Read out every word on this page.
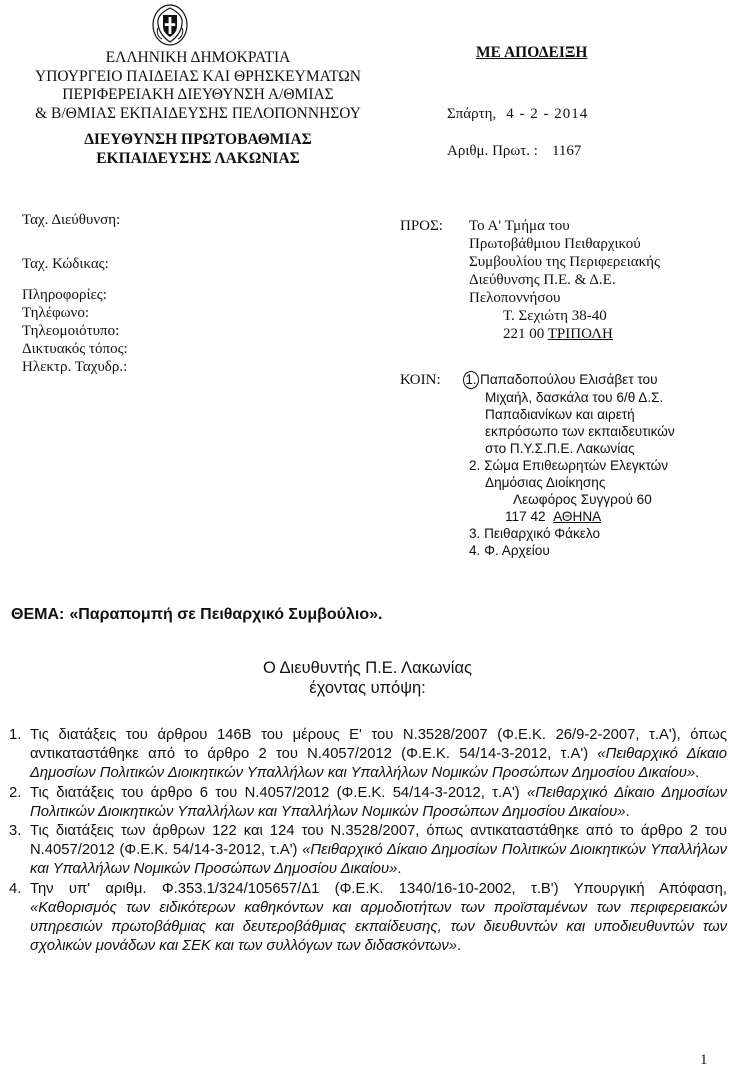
ΕΛΛΗΝΙΚΗ ΔΗΜΟΚΡΑΤΙΑ
ΥΠΟΥΡΓΕΙΟ ΠΑΙΔΕΙΑΣ ΚΑΙ ΘΡΗΣΚΕΥΜΑΤΩΝ
ΠΕΡΙΦΕΡΕΙΑΚΗ ΔΙΕΥΘΥΝΣΗ Α/ΘΜΙΑΣ
& Β/ΘΜΙΑΣ ΕΚΠΑΙΔΕΥΣΗΣ ΠΕΛΟΠΟΝΝΗΣΟΥ
ΔΙΕΥΘΥΝΣΗ ΠΡΩΤΟΒΑΘΜΙΑΣ
ΕΚΠΑΙΔΕΥΣΗΣ ΛΑΚΩΝΙΑΣ
ΜΕ ΑΠΟΔΕΙΞΗ
Σπάρτη, 4 - 2 - 2014
Αριθμ. Πρωτ. : 1167
Ταχ. Διεύθυνση:
Ταχ. Κώδικας:
Πληροφορίες:
Τηλέφωνο:
Τηλεομοιότυπο:
Δικτυακός τόπος:
Ηλεκτρ. Ταχυδρ.:
ΠΡΟΣ: Το Α' Τμήμα του
Πρωτοβάθμιου Πειθαρχικού
Συμβουλίου της Περιφερειακής
Διεύθυνσης Π.Ε. & Δ.Ε.
Πελοποννήσου
Τ. Σεχιώτη 38-40
221 00 ΤΡΙΠΟΛΗ
ΚΟΙΝ: 1. Παπαδοπούλου Ελισάβετ του
Μιχαήλ, δασκάλα του 6/θ Δ.Σ.
Παπαδιανίκων και αιρετή
εκπρόσωπο των εκπαιδευτικών
στο Π.Υ.Σ.Π.Ε. Λακωνίας
2. Σώμα Επιθεωρητών Ελεγκτών
Δημόσιας Διοίκησης
Λεωφόρος Συγγρού 60
117 42 ΑΘΗΝΑ
3. Πειθαρχικό Φάκελο
4. Φ. Αρχείου
ΘΕΜΑ: «Παραπομπή σε Πειθαρχικό Συμβούλιο».
Ο Διευθυντής Π.Ε. Λακωνίας
έχοντας υπόψη:
1. Τις διατάξεις του άρθρου 146Β του μέρους Ε' του Ν.3528/2007 (Φ.Ε.Κ. 26/9-2-2007, τ.Α'), όπως αντικαταστάθηκε από το άρθρο 2 του Ν.4057/2012 (Φ.Ε.Κ. 54/14-3-2012, τ.Α') «Πειθαρχικό Δίκαιο Δημοσίων Πολιτικών Διοικητικών Υπαλλήλων και Υπαλλήλων Νομικών Προσώπων Δημοσίου Δικαίου».
2. Τις διατάξεις του άρθρο 6 του Ν.4057/2012 (Φ.Ε.Κ. 54/14-3-2012, τ.Α') «Πειθαρχικό Δίκαιο Δημοσίων Πολιτικών Διοικητικών Υπαλλήλων και Υπαλλήλων Νομικών Προσώπων Δημοσίου Δικαίου».
3. Τις διατάξεις των άρθρων 122 και 124 του Ν.3528/2007, όπως αντικαταστάθηκε από το άρθρο 2 του Ν.4057/2012 (Φ.Ε.Κ. 54/14-3-2012, τ.Α') «Πειθαρχικό Δίκαιο Δημοσίων Πολιτικών Διοικητικών Υπαλλήλων και Υπαλλήλων Νομικών Προσώπων Δημοσίου Δικαίου».
4. Την υπ' αριθμ. Φ.353.1/324/105657/Δ1 (Φ.Ε.Κ. 1340/16-10-2002, τ.Β') Υπουργική Απόφαση, «Καθορισμός των ειδικότερων καθηκόντων και αρμοδιοτήτων των προϊσταμένων των περιφερειακών υπηρεσιών πρωτοβάθμιας και δευτεροβάθμιας εκπαίδευσης, των διευθυντών και υποδιευθυντών των σχολικών μονάδων και ΣΕΚ και των συλλόγων των διδασκόντων».
1
